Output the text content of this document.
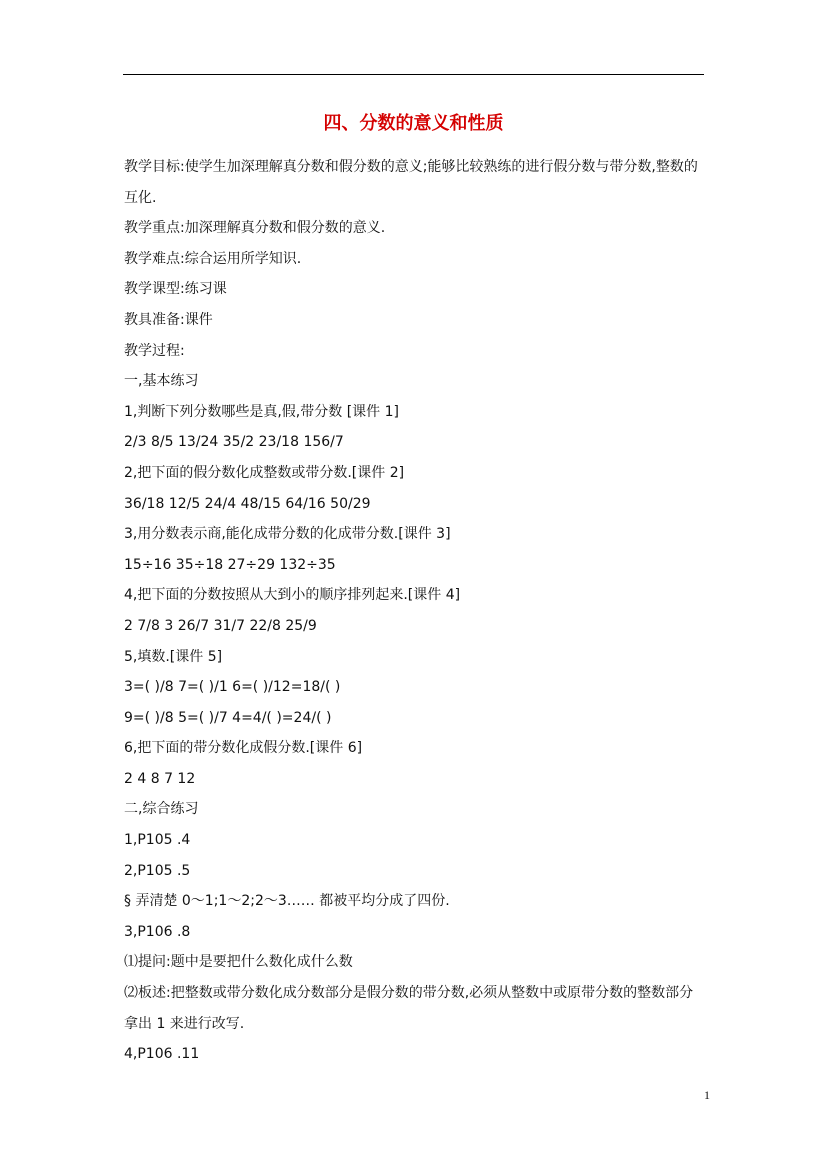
四、分数的意义和性质
教学目标:使学生加深理解真分数和假分数的意义;能够比较熟练的进行假分数与带分数,整数的互化.
教学重点:加深理解真分数和假分数的意义.
教学难点:综合运用所学知识.
教学课型:练习课
教具准备:课件
教学过程:
一,基本练习
1,判断下列分数哪些是真,假,带分数 [课件 1]
2/3 8/5 13/24 35/2 23/18 156/7
2,把下面的假分数化成整数或带分数.[课件 2]
36/18 12/5 24/4 48/15 64/16 50/29
3,用分数表示商,能化成带分数的化成带分数.[课件 3]
15÷16 35÷18 27÷29 132÷35
4,把下面的分数按照从大到小的顺序排列起来.[课件 4]
2 7/8 3 26/7 31/7 22/8 25/9
5,填数.[课件 5]
3=( )/8 7=( )/1 6=( )/12=18/( )
9=( )/8 5=( )/7 4=4/( )=24/( )
6,把下面的带分数化成假分数.[课件 6]
2 4 8 7 12
二,综合练习
1,P105 .4
2,P105 .5
§ 弄清楚 0～1;1～2;2～3…… 都被平均分成了四份.
3,P106 .8
⑴提问:题中是要把什么数化成什么数
⑵板述:把整数或带分数化成分数部分是假分数的带分数,必须从整数中或原带分数的整数部分拿出 1 来进行改写.
4,P106 .11
1
